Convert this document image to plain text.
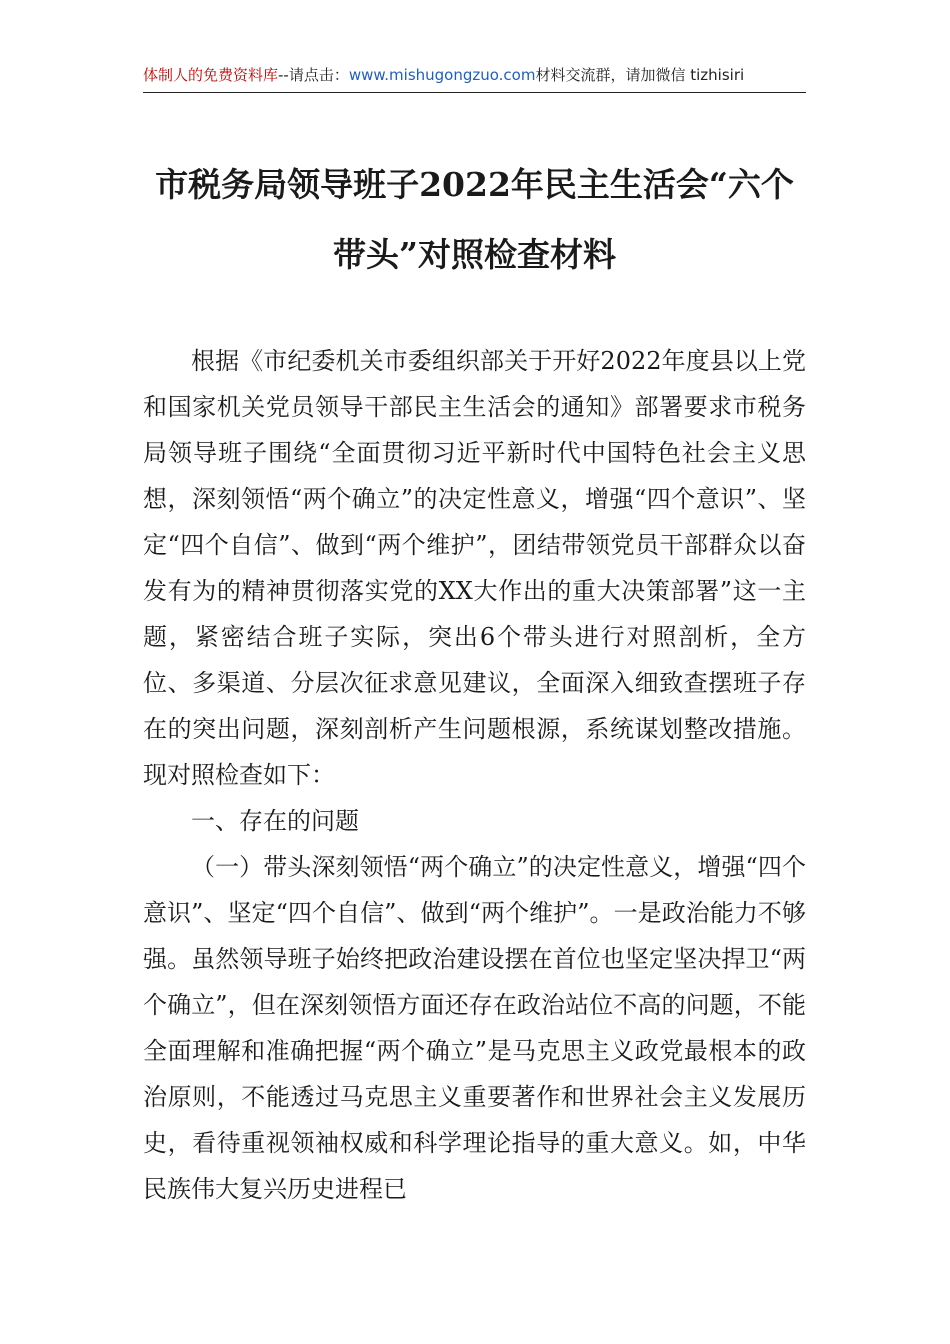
体制人的免费资料库--请点击：www.mishugongzuo.com材料交流群，请加微信 tizhisiri
市税务局领导班子2022年民主生活会“六个带头”对照检查材料

根据《市纪委机关市委组织部关于开好2022年度县以上党和国家机关党员领导干部民主生活会的通知》部署要求市税务局领导班子围绕“全面贯彻习近平新时代中国特色社会主义思想，深刻领悟“两个确立”的决定性意义，增强“四个意识”、坚定“四个自信”、做到“两个维护”，团结带领党员干部群众以奋发有为的精神贯彻落实党的XX大作出的重大决策部署”这一主题，紧密结合班子实际，突出6个带头进行对照剖析，全方位、多渠道、分层次征求意见建议，全面深入细致查摆班子存在的突出问题，深刻剖析产生问题根源，系统谋划整改措施。现对照检查如下：

一、存在的问题

（一）带头深刻领悟“两个确立”的决定性意义，增强“四个意识”、坚定“四个自信”、做到“两个维护”。一是政治能力不够强。虽然领导班子始终把政治建设摆在首位也坚定坚决捍卫“两个确立”，但在深刻领悟方面还存在政治站位不高的问题，不能全面理解和准确把握“两个确立”是马克思主义政党最根本的政治原则，不能透过马克思主义重要著作和世界社会主义发展历史，看待重视领袖权威和科学理论指导的重大意义。如，中华民族伟大复兴历史进程已
